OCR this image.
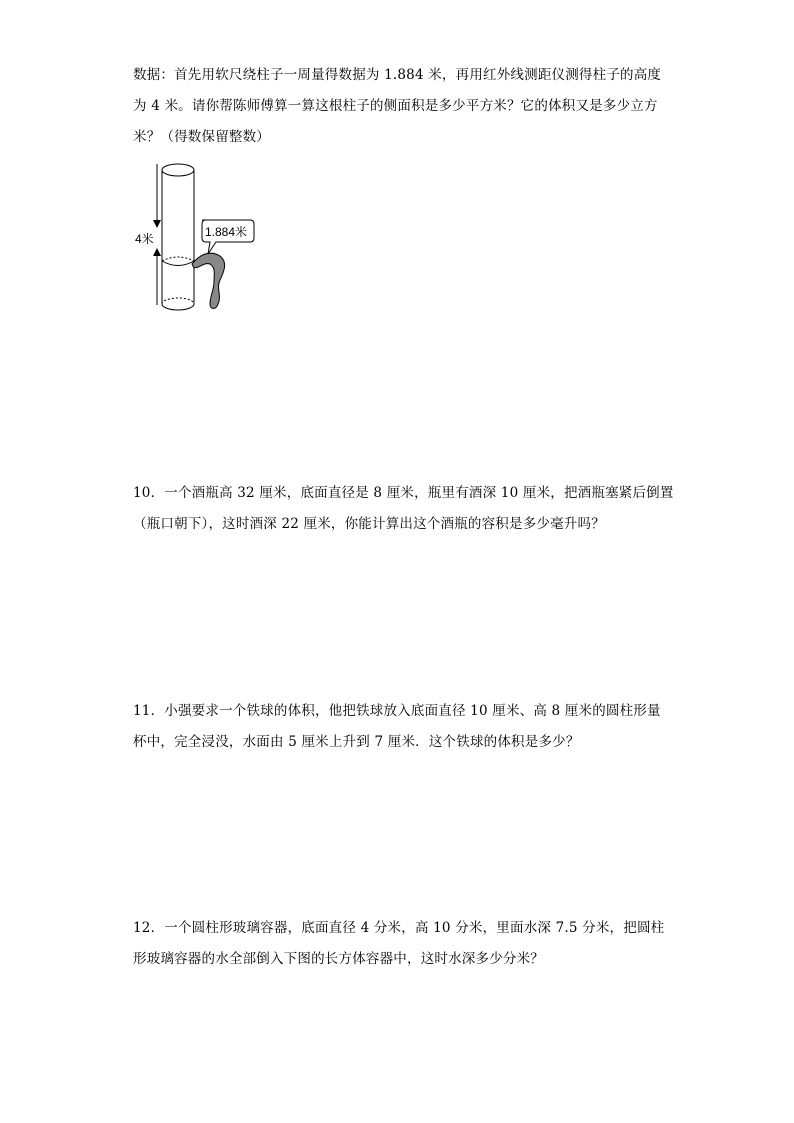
数据：首先用软尺绕柱子一周量得数据为 1.884 米，再用红外线测距仪测得柱子的高度
为 4 米。请你帮陈师傅算一算这根柱子的侧面积是多少平方米？它的体积又是多少立方
米？（得数保留整数）
4米	1.884米
10．一个酒瓶高 32 厘米，底面直径是 8 厘米，瓶里有酒深 10 厘米，把酒瓶塞紧后倒置
（瓶口朝下），这时酒深 22 厘米，你能计算出这个酒瓶的容积是多少毫升吗？
11．小强要求一个铁球的体积，他把铁球放入底面直径 10 厘米、高 8 厘米的圆柱形量
杯中，完全浸没，水面由 5 厘米上升到 7 厘米．这个铁球的体积是多少？
12．一个圆柱形玻璃容器，底面直径 4 分米，高 10 分米，里面水深 7.5 分米，把圆柱
形玻璃容器的水全部倒入下图的长方体容器中，这时水深多少分米？
